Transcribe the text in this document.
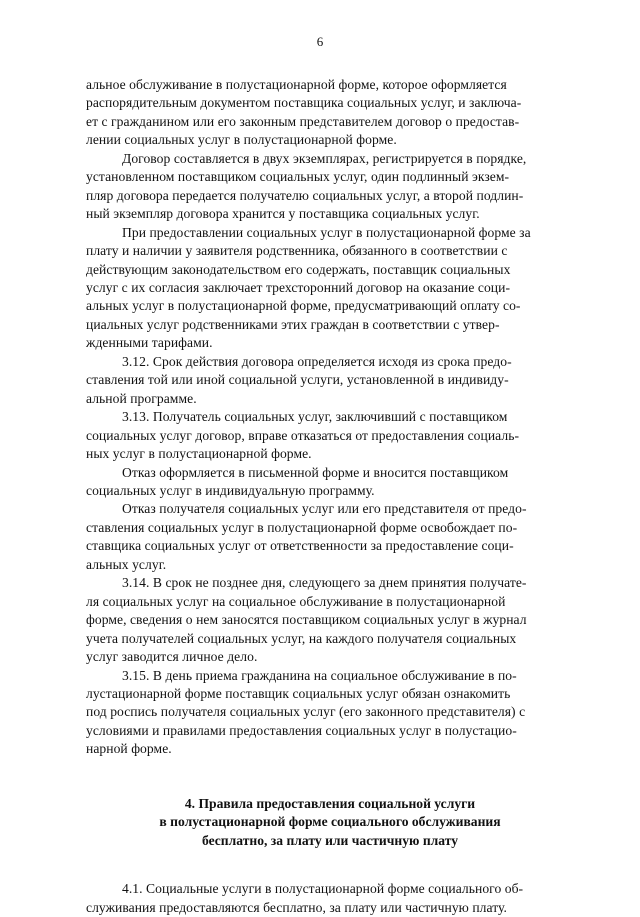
6

альное обслуживание в полустационарной форме, которое оформляется
распорядительным документом поставщика социальных услуг, и заключа-
ет с гражданином или его законным представителем договор о предостав-
лении социальных услуг в полустационарной форме.

Договор составляется в двух экземплярах, регистрируется в порядке,
установленном поставщиком социальных услуг, один подлинный экзем-
пляр договора передается получателю социальных услуг, а второй подлин-
ный экземпляр договора хранится у поставщика социальных услуг.

При предоставлении социальных услуг в полустационарной форме за
плату и наличии у заявителя родственника, обязанного в соответствии с
действующим законодательством его содержать, поставщик социальных
услуг с их согласия заключает трехсторонний договор на оказание соци-
альных услуг в полустационарной форме, предусматривающий оплату со-
циальных услуг родственниками этих граждан в соответствии с утвер-
жденными тарифами.

3.12. Срок действия договора определяется исходя из срока предо-
ставления той или иной социальной услуги, установленной в индивиду-
альной программе.

3.13. Получатель социальных услуг, заключивший с поставщиком
социальных услуг договор, вправе отказаться от предоставления социаль-
ных услуг в полустационарной форме.

Отказ оформляется в письменной форме и вносится поставщиком
социальных услуг в индивидуальную программу.

Отказ получателя социальных услуг или его представителя от предо-
ставления социальных услуг в полустационарной форме освобождает по-
ставщика социальных услуг от ответственности за предоставление соци-
альных услуг.

3.14. В срок не позднее дня, следующего за днем принятия получате-
ля социальных услуг на социальное обслуживание в полустационарной
форме, сведения о нем заносятся поставщиком социальных услуг в журнал
учета получателей социальных услуг, на каждого получателя социальных
услуг заводится личное дело.

3.15. В день приема гражданина на социальное обслуживание в по-
лустационарной форме поставщик социальных услуг обязан ознакомить
под роспись получателя социальных услуг (его законного представителя) с
условиями и правилами предоставления социальных услуг в полустацио-
нарной форме.

4. Правила предоставления социальной услуги
в полустационарной форме социального обслуживания
бесплатно, за плату или частичную плату

4.1. Социальные услуги в полустационарной форме социального об-
служивания предоставляются бесплатно, за плату или частичную плату.
